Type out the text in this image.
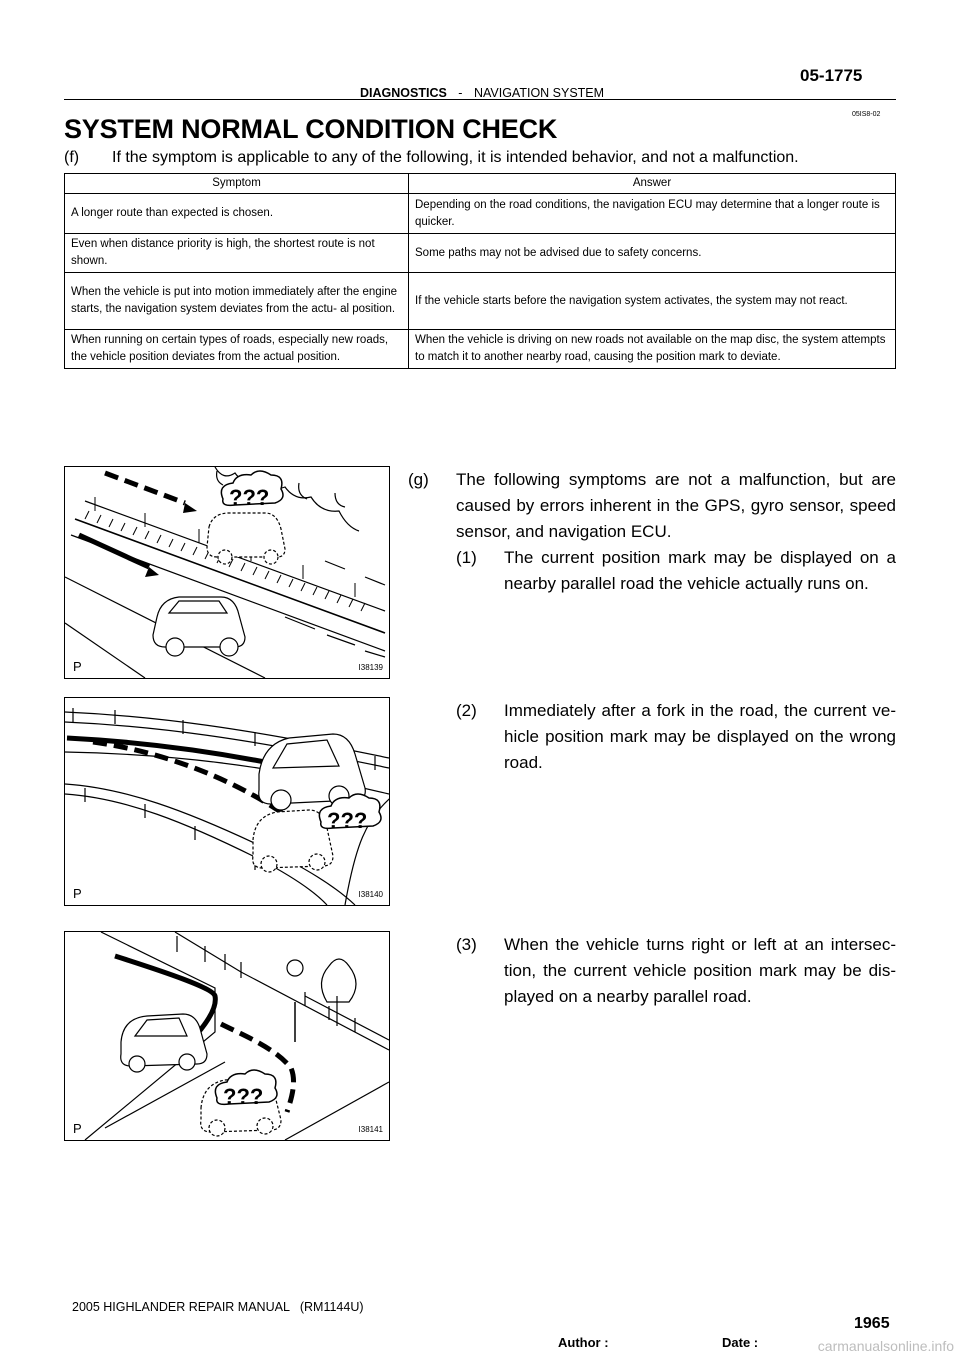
05-1775
DIAGNOSTICS - NAVIGATION SYSTEM
05IS8-02
SYSTEM NORMAL CONDITION CHECK
(f) If the symptom is applicable to any of the following, it is intended behavior, and not a malfunction.
Symptom	Answer
A longer route than expected is chosen.	Depending on the road conditions, the navigation ECU may determine that a longer route is quicker.
Even when distance priority is high, the shortest route is not shown.	Some paths may not be advised due to safety concerns.
When the vehicle is put into motion immediately after the engine starts, the navigation system deviates from the actu- al position.	If the vehicle starts before the navigation system activates, the system may not react.
When running on certain types of roads, especially new roads, the vehicle position deviates from the actual position.	When the vehicle is driving on new roads not available on the map disc, the system attempts to match it to another nearby road, causing the position mark to deviate.
???
P	I38139
???
P	I38140
???
P	I38141
(g)	The following symptoms are not a malfunction, but are caused by errors inherent in the GPS, gyro sensor, speed sensor, and navigation ECU.
(1)	The current position mark may be displayed on a nearby parallel road the vehicle actually runs on.
(2)	Immediately after a fork in the road, the current ve- hicle position mark may be displayed on the wrong road.
(3)	When the vehicle turns right or left at an intersec- tion, the current vehicle position mark may be dis- played on a nearby parallel road.
2005 HIGHLANDER REPAIR MANUAL   (RM1144U)
1965
Author :	Date :	carmanualsonline.info
